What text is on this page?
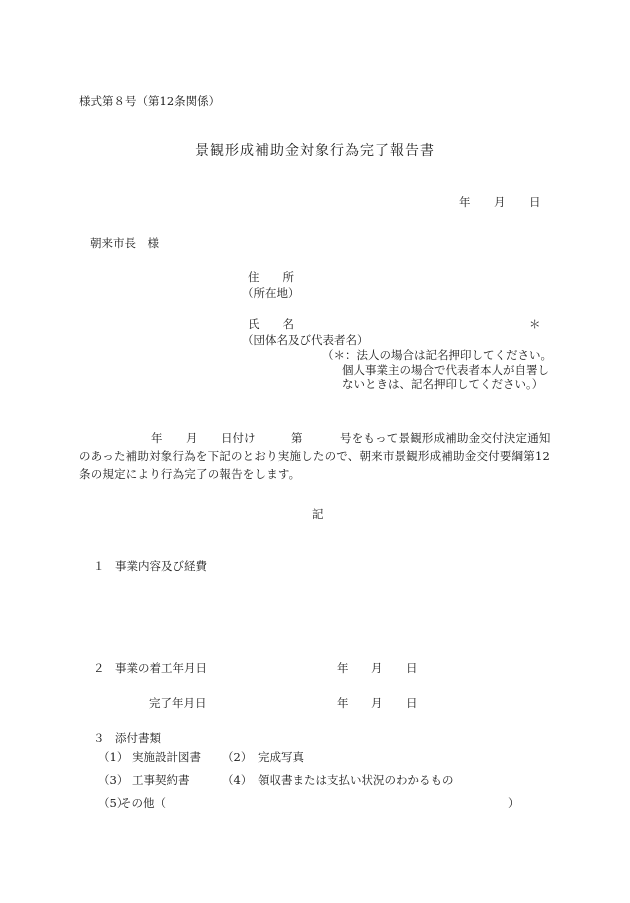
様式第８号（第12条関係）
景観形成補助金対象行為完了報告書
年 月 日
朝来市長　様
住　　所
（所在地）
氏　　名	＊
（団体名及び代表者名）
（＊：法人の場合は記名押印してください。
個人事業主の場合で代表者本人が自署し
ないときは、記名押印してください。）
年 月 日付け	第	号をもって景観形成補助金交付決定通知
のあった補助対象行為を下記のとおり実施したので、朝来市景観形成補助金交付要綱第12
条の規定により行為完了の報告をします。
記
１ 事業内容及び経費
２ 事業の着工年月日	年 月 日
完了年月日	年 月 日
３ 添付書類
（1） 実施設計図書 （2） 完成写真
（3） 工事契約書	（4） 領収書または支払い状況のわかるもの
（5）
その他（	）
